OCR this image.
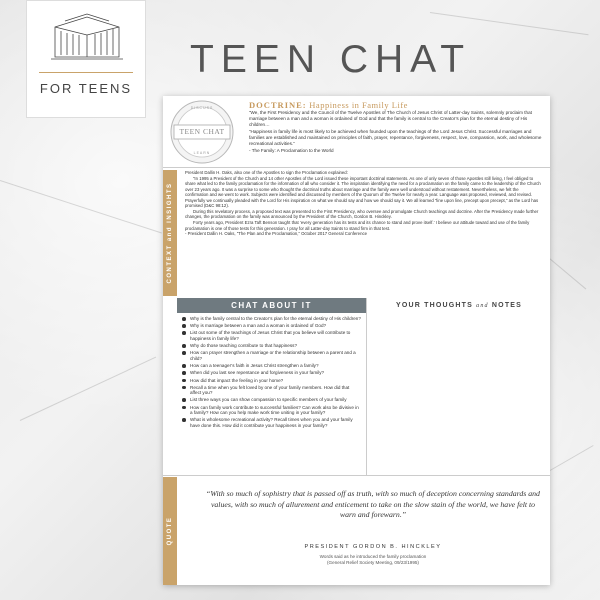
FOR TEENS
TEEN CHAT
TEEN CHAT
DISCUSS
LEARN
DOCTRINE: Happiness in Family Life

“We, the First Presidency and the Council of the Twelve Apostles of The Church of Jesus Christ of Latter-day Saints, solemnly proclaim that marriage between a man and a woman is ordained of God and that the family is central to the Creator’s plan for the eternal destiny of His children…

“Happiness in family life is most likely to be achieved when founded upon the teachings of the Lord Jesus Christ. Successful marriages and families are established and maintained on principles of faith, prayer, repentance, forgiveness, respect, love, compassion, work, and wholesome recreational activities.”

- The Family: A Proclamation to the World

CONTEXT and INSIGHTS

President Dallin H. Oaks, also one of the Apostles to sign the Proclamation explained:

“In 1995 a President of the Church and 14 other Apostles of the Lord issued these important doctrinal statements. As one of only seven of those Apostles still living, I feel obliged to share what led to the family proclamation for the information of all who consider it. The inspiration identifying the need for a proclamation on the family came to the leadership of the Church over 23 years ago. It was a surprise to some who thought the doctrinal truths about marriage and the family were well understood without restatement. Nevertheless, we felt the confirmation and we went to work. Subjects were identified and discussed by members of the Quorum of the Twelve for nearly a year. Language was proposed, reviewed, and revised. Prayerfully we continually pleaded with the Lord for His inspiration on what we should say and how we should say it. We all learned “line upon line, precept upon precept,” as the Lord has promised (D&C 98:12).

During this revelatory process, a proposed text was presented to the First Presidency, who oversee and promulgate Church teachings and doctrine. After the Presidency made further changes, the proclamation on the family was announced by the President of the Church, Gordon B. Hinckley.

Forty years ago, President Ezra Taft Benson taught that ‘every generation has its tests and its chance to stand and prove itself.’ I believe our attitude toward and use of the family proclamation is one of those tests for this generation. I pray for all Latter-day Saints to stand firm in that test.

- President Dallin H. Oaks, “The Plan and the Proclamation,” October 2017 General Conference

CHAT ABOUT IT	YOUR THOUGHTS and NOTES
Why is the family central to the Creator’s plan for the eternal destiny of His children?
Why is marriage between a man and a woman is ordained of God?
List out some of the teachings of Jesus Christ that you believe will contribute to happiness in family life?
Why do those teaching contribute to that happiness?
How can prayer strengthen a marriage or the relationship between a parent and a child?
How can a teenager’s faith in Jesus Christ strengthen a family?
When did you last see repentance and forgiveness in your family?
How did that impact the feeling in your home?
Recall a time when you felt loved by one of your family members. How did that affect you?
List three ways you can show compassion to specific members of your family
How can family work contribute to successful families? Can work also be divisive in a family? How can you help make work time uniting in your family?
What is wholesome recreational activity? Recall times when you and your family have done this. How did it contribute your happiness in your family?
QUOTE
“With so much of sophistry that is passed off as truth, with so much of deception concerning standards and values, with so much of allurement and enticement to take on the slow stain of the world, we have felt to warn and forewarn.”
PRESIDENT GORDON B. HINCKLEY
Words said as he introduced the family proclamation
(General Relief Society Meeting, 09/23/1995)
